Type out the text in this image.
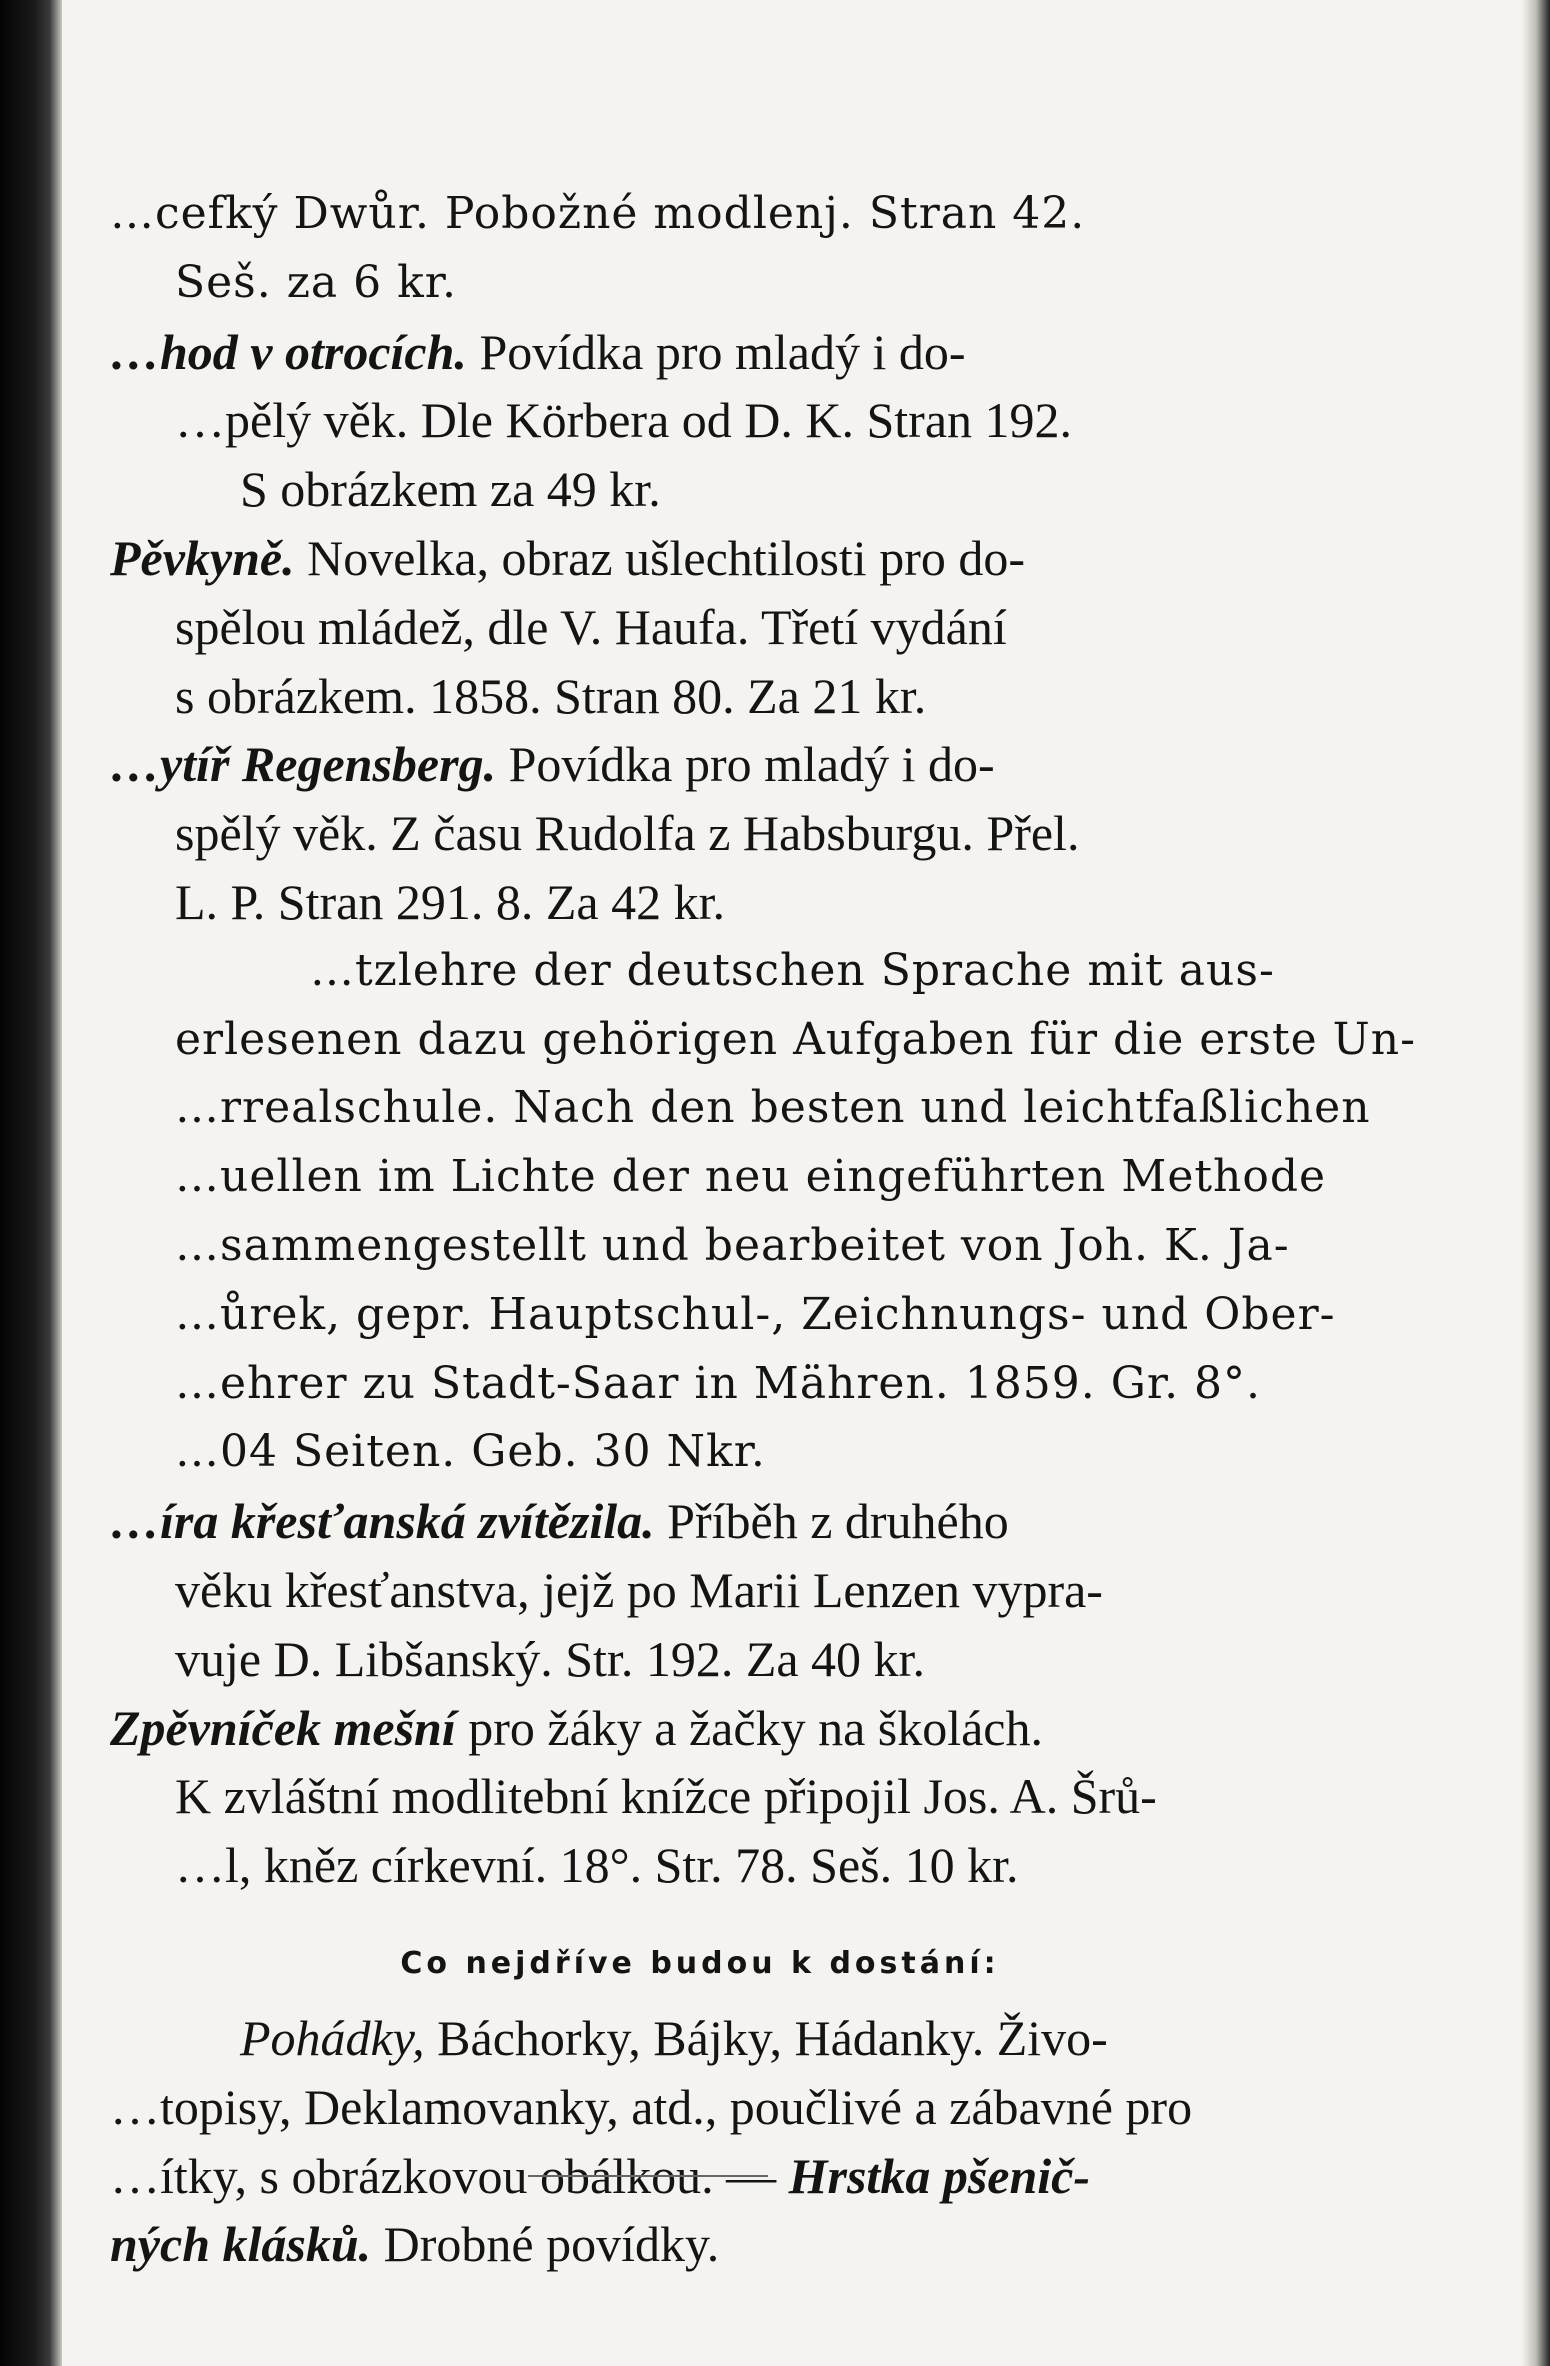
…cefký Dwůr. Pobožné modlenj. Stran 42.
Seš. za 6 kr.
…hod v otrocích. Povídka pro mladý i do-
…pělý věk. Dle Körbera od D. K. Stran 192.
S obrázkem za 49 kr.
Pěvkyně. Novelka, obraz ušlechtilosti pro do-
spělou mládež, dle V. Haufa. Třetí vydání
s obrázkem. 1858. Stran 80. Za 21 kr.
…ytíř Regensberg. Povídka pro mladý i do-
spělý věk. Z času Rudolfa z Habsburgu. Přel.
L. P. Stran 291. 8. Za 42 kr.
…tzlehre der deutschen Sprache mit aus-
erlesenen dazu gehörigen Aufgaben für die erste Un-
…rrealschule. Nach den besten und leichtfaßlichen
…uellen im Lichte der neu eingeführten Methode
…sammengestellt und bearbeitet von Joh. K. Ja-
…ůrek, gepr. Hauptschul-, Zeichnungs- und Ober-
…ehrer zu Stadt-Saar in Mähren. 1859. Gr. 8°.
…04 Seiten. Geb. 30 Nkr.
…íra křesťanská zvítězila. Příběh z druhého
věku křesťanstva, jejž po Marii Lenzen vypra-
vuje D. Libšanský. Str. 192. Za 40 kr.
Zpěvníček mešní pro žáky a žačky na školách.
K zvláštní modlitební knížce připojil Jos. A. Šrů-
…l, kněz církevní. 18°. Str. 78. Seš. 10 kr.
Co nejdříve budou k dostání:
Pohádky, Báchorky, Bájky, Hádanky. Živo-
…topisy, Deklamovanky, atd., poučlivé a zábavné pro
…ítky, s obrázkovou obálkou. — Hrstka pšenič-
ných klásků. Drobné povídky.
